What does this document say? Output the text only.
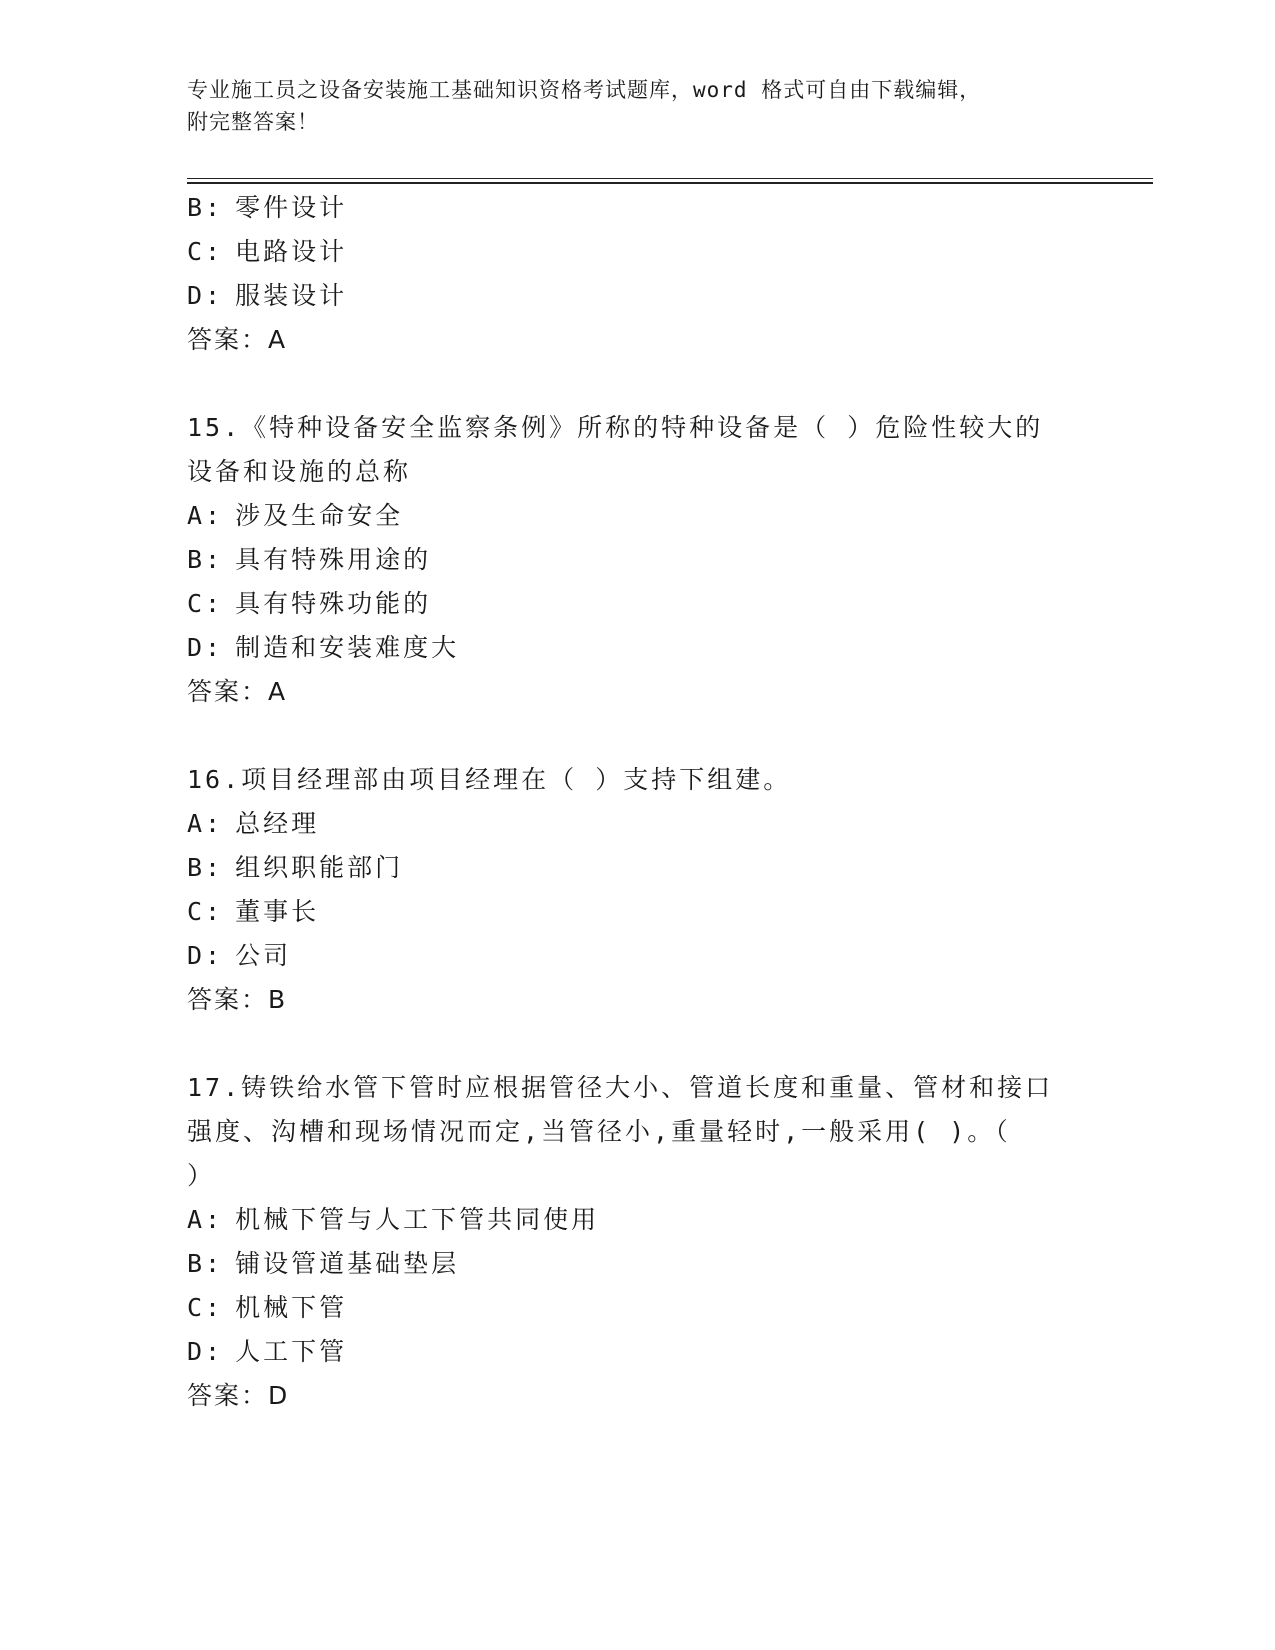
专业施工员之设备安装施工基础知识资格考试题库，word 格式可自由下载编辑，
附完整答案！
B: 零件设计
C: 电路设计
D: 服装设计
答案：A
15.《特种设备安全监察条例》所称的特种设备是（ ）危险性较大的
设备和设施的总称
A: 涉及生命安全
B: 具有特殊用途的
C: 具有特殊功能的
D: 制造和安装难度大
答案：A
16.项目经理部由项目经理在（ ）支持下组建。
A: 总经理
B: 组织职能部门
C: 董事长
D: 公司
答案：B
17.铸铁给水管下管时应根据管径大小、管道长度和重量、管材和接口
强度、沟槽和现场情况而定,当管径小,重量轻时,一般采用( )。（
）
A: 机械下管与人工下管共同使用
B: 铺设管道基础垫层
C: 机械下管
D: 人工下管
答案：D
